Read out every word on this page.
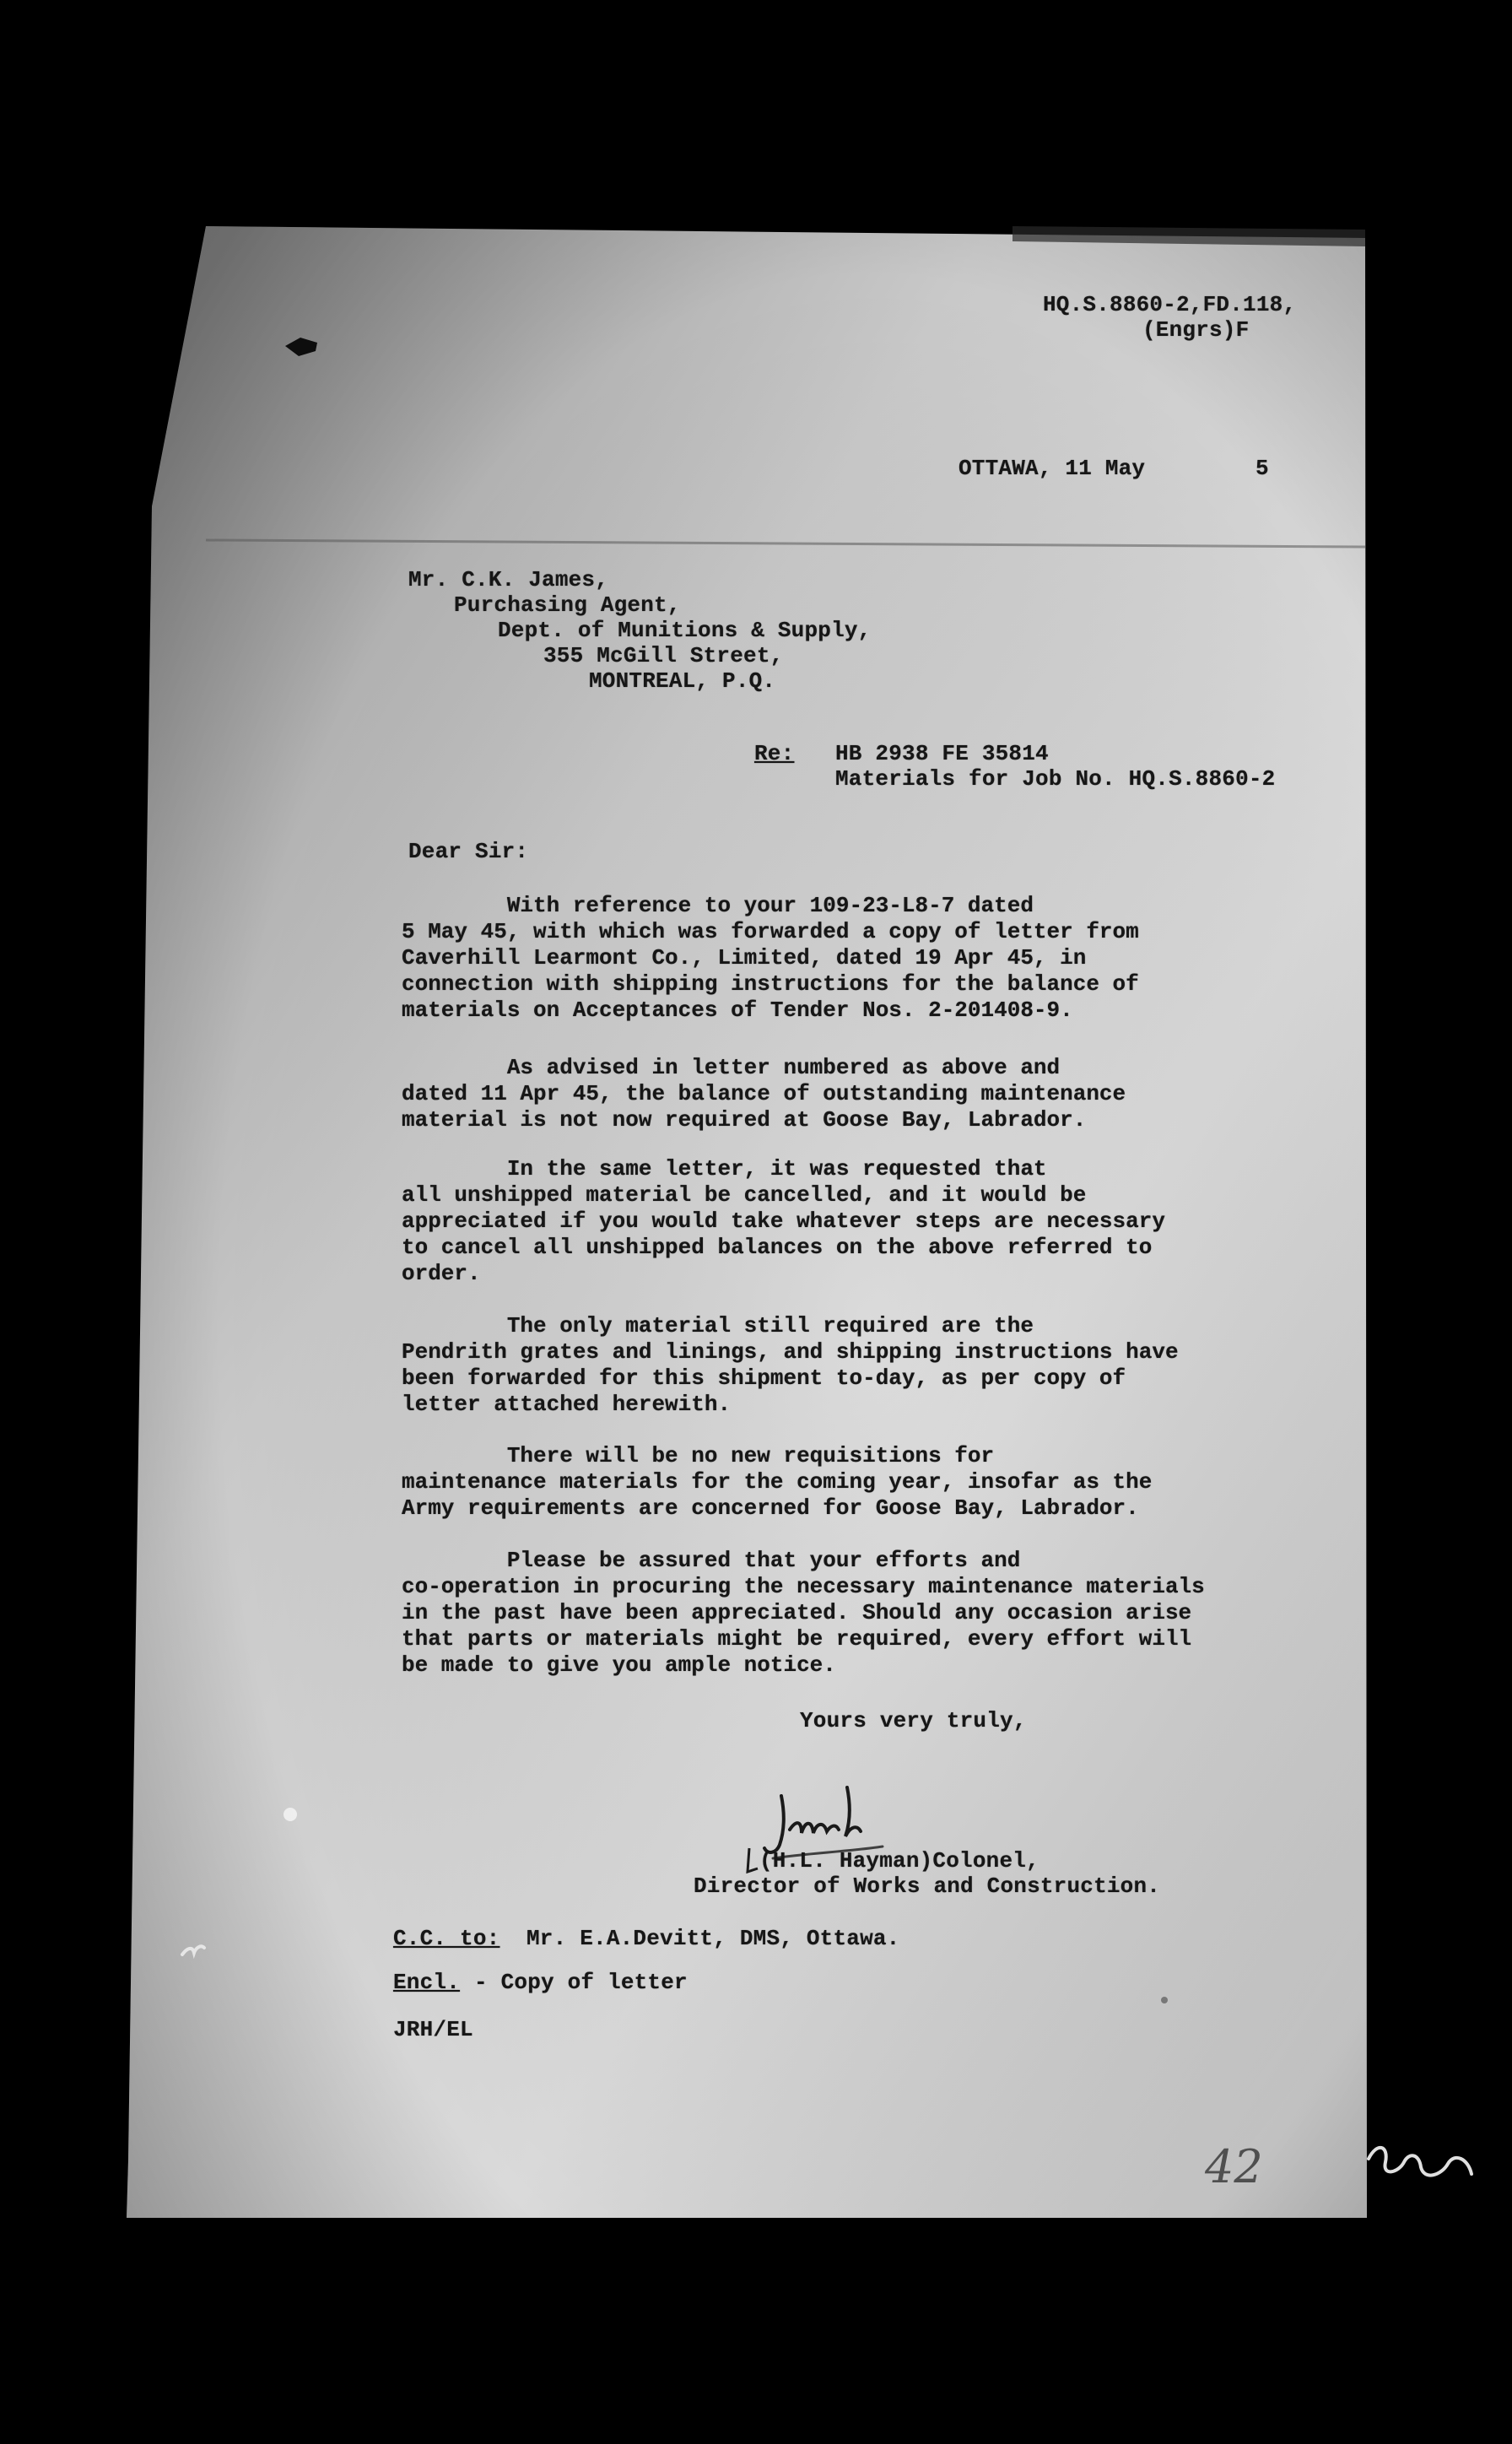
HQ.S.8860-2,FD.118,
(Engrs)F
OTTAWA, 11 May	5
Mr. C.K. James,
Purchasing Agent,
Dept. of Munitions & Supply,
355 McGill Street,
MONTREAL, P.Q.
Re: HB 2938 FE 35814
Materials for Job No. HQ.S.8860-2
Dear Sir:
With reference to your 109-23-L8-7 dated
5 May 45, with which was forwarded a copy of letter from
Caverhill Learmont Co., Limited, dated 19 Apr 45, in
connection with shipping instructions for the balance of
materials on Acceptances of Tender Nos. 2-201408-9.
As advised in letter numbered as above and
dated 11 Apr 45, the balance of outstanding maintenance
material is not now required at Goose Bay, Labrador.
In the same letter, it was requested that
all unshipped material be cancelled, and it would be
appreciated if you would take whatever steps are necessary
to cancel all unshipped balances on the above referred to
order.
The only material still required are the
Pendrith grates and linings, and shipping instructions have
been forwarded for this shipment to-day, as per copy of
letter attached herewith.
There will be no new requisitions for
maintenance materials for the coming year, insofar as the
Army requirements are concerned for Goose Bay, Labrador.
Please be assured that your efforts and
co-operation in procuring the necessary maintenance materials
in the past have been appreciated. Should any occasion arise
that parts or materials might be required, every effort will
be made to give you ample notice.
Yours very truly,
(H.L. Hayman)Colonel,
Director of Works and Construction.
C.C. to: Mr. E.A.Devitt, DMS, Ottawa.
Encl. - Copy of letter
JRH/EL
42
